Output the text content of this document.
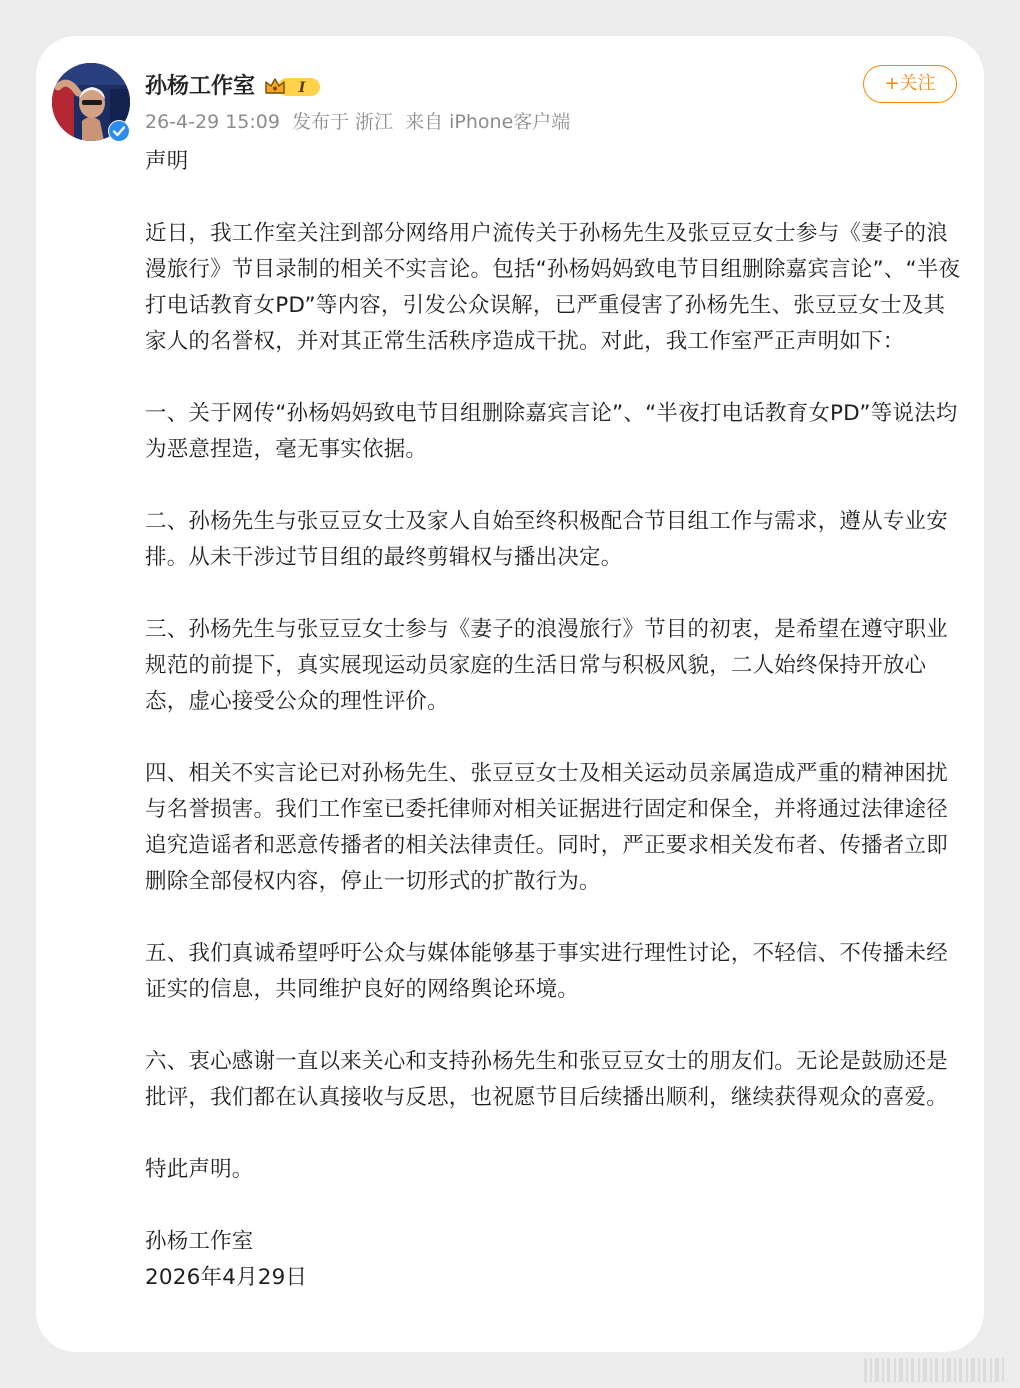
孙杨工作室	I
26-4-29 15:09 发布于 浙江 来自 iPhone客户端
+关注

声明

近日，我工作室关注到部分网络用户流传关于孙杨先生及张豆豆女士参与《妻子的浪漫旅行》节目录制的相关不实言论。包括“孙杨妈妈致电节目组删除嘉宾言论”、“半夜打电话教育女PD”等内容，引发公众误解，已严重侵害了孙杨先生、张豆豆女士及其家人的名誉权，并对其正常生活秩序造成干扰。对此，我工作室严正声明如下：

一、关于网传“孙杨妈妈致电节目组删除嘉宾言论”、“半夜打电话教育女PD”等说法均为恶意捏造，毫无事实依据。

二、孙杨先生与张豆豆女士及家人自始至终积极配合节目组工作与需求，遵从专业安排。从未干涉过节目组的最终剪辑权与播出决定。

三、孙杨先生与张豆豆女士参与《妻子的浪漫旅行》节目的初衷，是希望在遵守职业规范的前提下，真实展现运动员家庭的生活日常与积极风貌，二人始终保持开放心态，虚心接受公众的理性评价。

四、相关不实言论已对孙杨先生、张豆豆女士及相关运动员亲属造成严重的精神困扰与名誉损害。我们工作室已委托律师对相关证据进行固定和保全，并将通过法律途径追究造谣者和恶意传播者的相关法律责任。同时，严正要求相关发布者、传播者立即删除全部侵权内容，停止一切形式的扩散行为。

五、我们真诚希望呼吁公众与媒体能够基于事实进行理性讨论，不轻信、不传播未经证实的信息，共同维护良好的网络舆论环境。

六、衷心感谢一直以来关心和支持孙杨先生和张豆豆女士的朋友们。无论是鼓励还是批评，我们都在认真接收与反思，也祝愿节目后续播出顺利，继续获得观众的喜爱。

特此声明。

孙杨工作室

2026年4月29日
